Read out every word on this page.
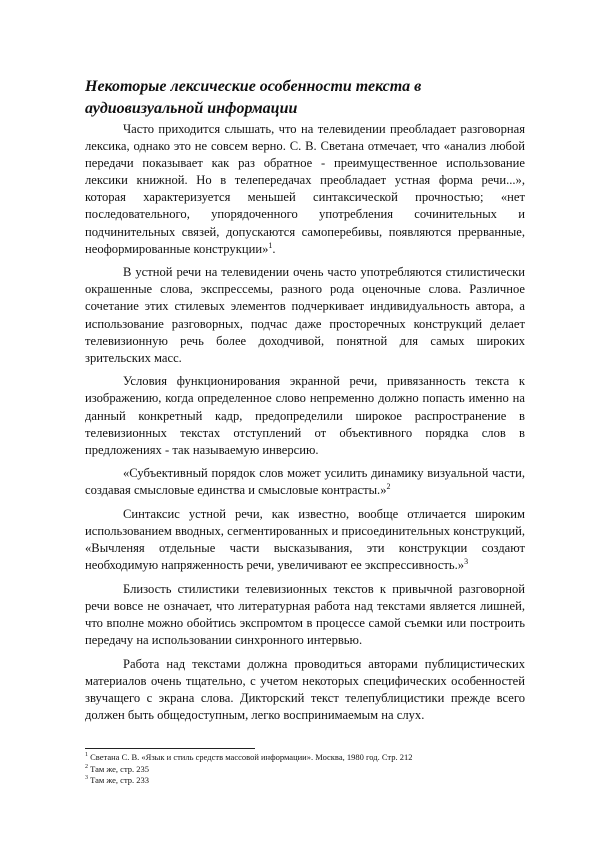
Некоторые лексические особенности текста в аудиовизуальной информации

Часто приходится слышать, что на телевидении преобладает разговорная лексика, однако это не совсем верно. С. В. Светана отмечает, что «анализ любой передачи показывает как раз обратное - преимущественное использование лексики книжной. Но в телепередачах преобладает устная форма речи...», которая характеризуется меньшей синтаксической прочностью; «нет последовательного, упорядоченного употребления сочинительных и подчинительных связей, допускаются самоперебивы, появляются прерванные, неоформированные конструкции»$^1$.

В устной речи на телевидении очень часто употребляются стилистически окрашенные слова, экспрессемы, разного рода оценочные слова. Различное сочетание этих стилевых элементов подчеркивает индивидуальность автора, а использование разговорных, подчас даже просторечных конструкций делает телевизионную речь более доходчивой, понятной для самых широких зрительских масс.

Условия функционирования экранной речи, привязанность текста к изображению, когда определенное слово непременно должно попасть именно на данный конкретный кадр, предопределили широкое распространение в телевизионных текстах отступлений от объективного порядка слов в предложениях - так называемую инверсию.

«Субъективный порядок слов может усилить динамику визуальной части, создавая смысловые единства и смысловые контрасты.»$^2$

Синтаксис устной речи, как известно, вообще отличается широким использованием вводных, сегментированных и присоединительных конструкций, «Вычленяя отдельные части высказывания, эти конструкции создают необходимую напряженность речи, увеличивают ее экспрессивность.»$^3$

Близость стилистики телевизионных текстов к привычной разговорной речи вовсе не означает, что литературная работа над текстами является лишней, что вполне можно обойтись экспромтом в процессе самой съемки или построить передачу на использовании синхронного интервью.

Работа над текстами должна проводиться авторами публицистических материалов очень тщательно, с учетом некоторых специфических особенностей звучащего с экрана слова. Дикторский текст телепублицистики прежде всего должен быть общедоступным, легко воспринимаемым на слух.

$^1$ Светана С. В. «Язык и стиль средств массовой информации». Москва, 1980 год. Стр. 212
$^2$ Там же, стр. 235
$^3$ Там же, стр. 233
